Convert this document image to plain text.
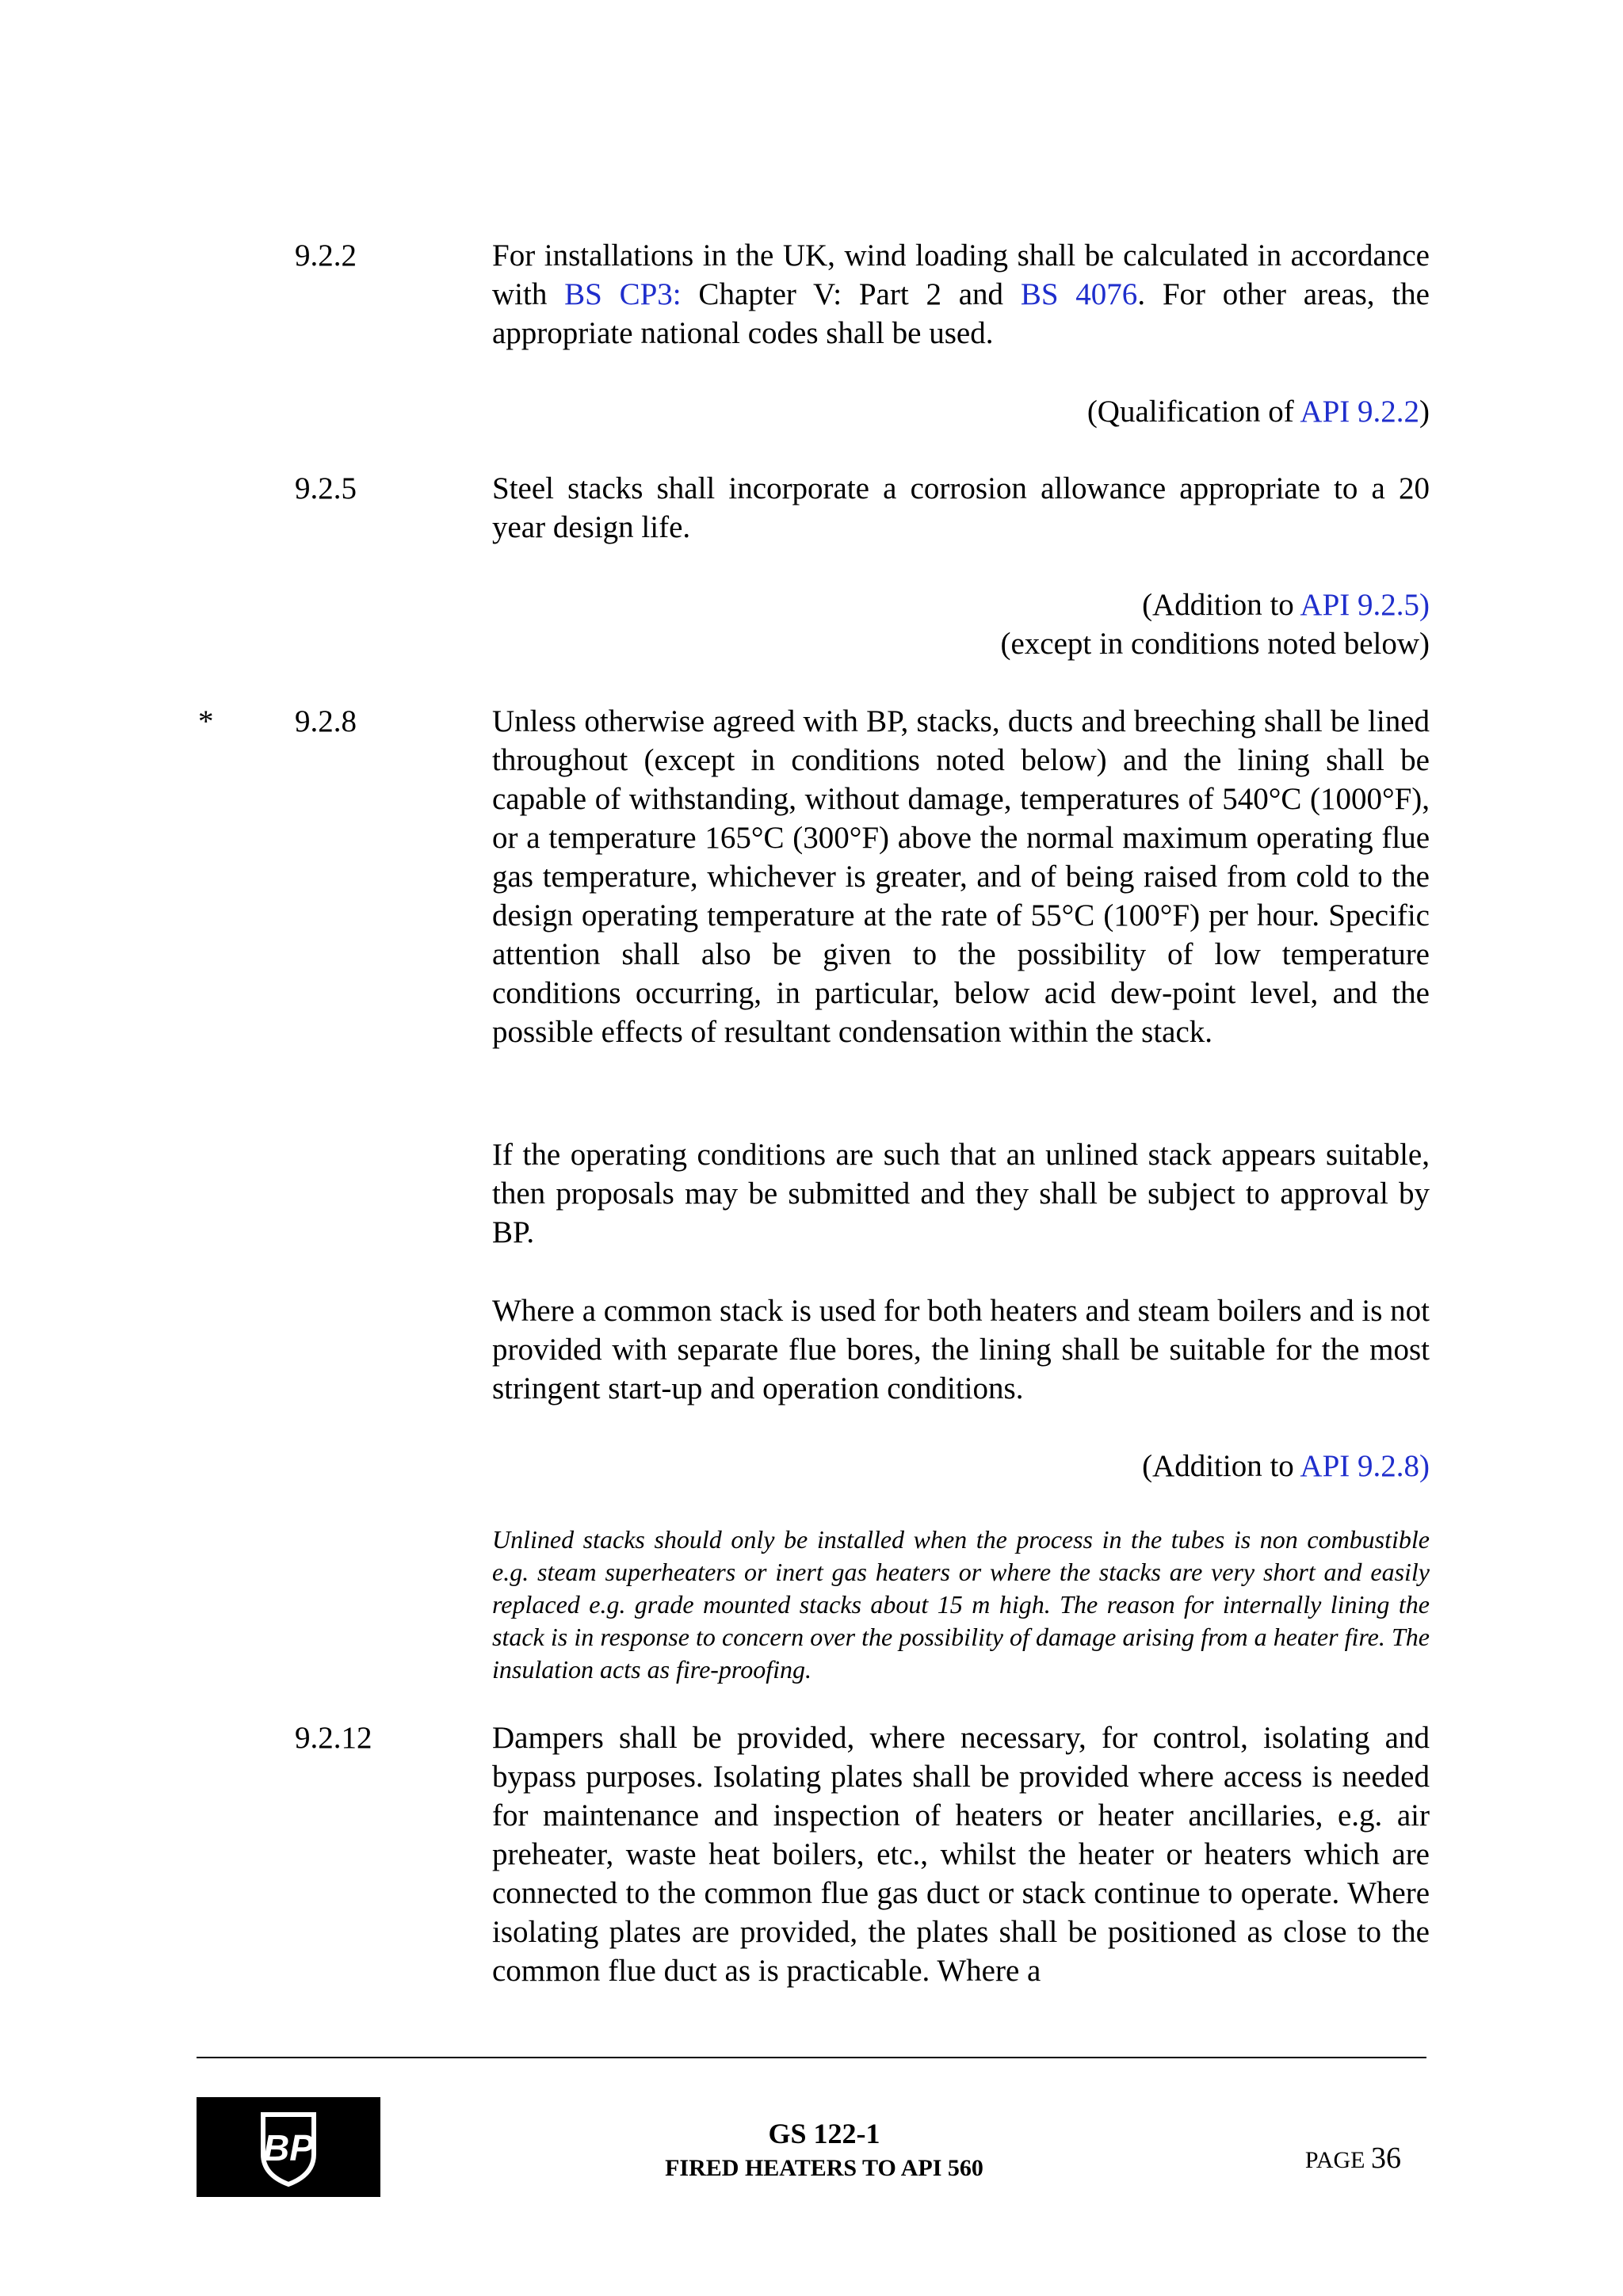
9.2.2	For installations in the UK, wind loading shall be calculated in accordance with BS CP3: Chapter V: Part 2 and BS 4076. For other areas, the appropriate national codes shall be used.
(Qualification of API 9.2.2)
9.2.5	Steel stacks shall incorporate a corrosion allowance appropriate to a 20 year design life.
(Addition to API 9.2.5)
(except in conditions noted below)
*	9.2.8	Unless otherwise agreed with BP, stacks, ducts and breeching shall be lined throughout (except in conditions noted below) and the lining shall be capable of withstanding, without damage, temperatures of 540°C (1000°F), or a temperature 165°C (300°F) above the normal maximum operating flue gas temperature, whichever is greater, and of being raised from cold to the design operating temperature at the rate of 55°C (100°F) per hour. Specific attention shall also be given to the possibility of low temperature conditions occurring, in particular, below acid dew-point level, and the possible effects of resultant condensation within the stack.
If the operating conditions are such that an unlined stack appears suitable, then proposals may be submitted and they shall be subject to approval by BP.
Where a common stack is used for both heaters and steam boilers and is not provided with separate flue bores, the lining shall be suitable for the most stringent start-up and operation conditions.
(Addition to API 9.2.8)
Unlined stacks should only be installed when the process in the tubes is non combustible e.g. steam superheaters or inert gas heaters or where the stacks are very short and easily replaced e.g. grade mounted stacks about 15 m high. The reason for internally lining the stack is in response to concern over the possibility of damage arising from a heater fire. The insulation acts as fire-proofing.
9.2.12	Dampers shall be provided, where necessary, for control, isolating and bypass purposes. Isolating plates shall be provided where access is needed for maintenance and inspection of heaters or heater ancillaries, e.g. air preheater, waste heat boilers, etc., whilst the heater or heaters which are connected to the common flue gas duct or stack continue to operate. Where isolating plates are provided, the plates shall be positioned as close to the common flue duct as is practicable. Where a
BP	GS 122-1
FIRED HEATERS TO API 560	PAGE 36
